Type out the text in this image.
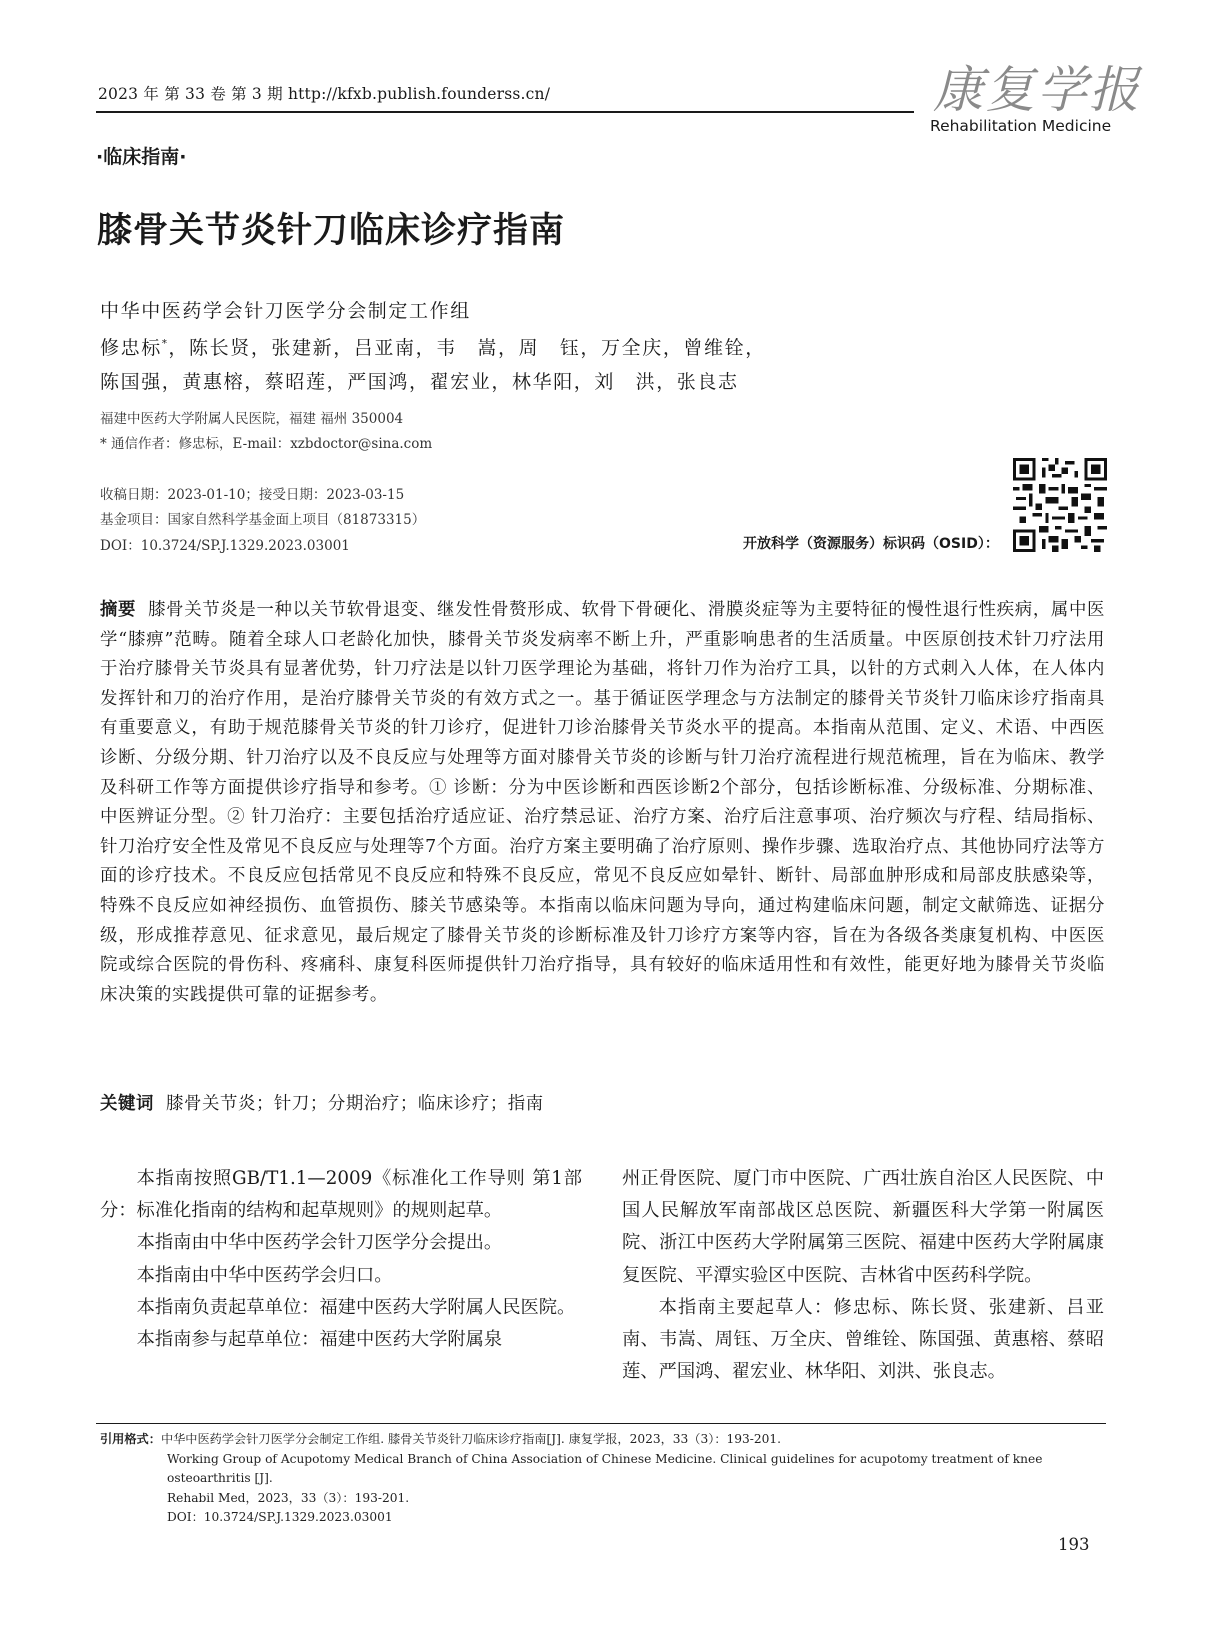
2023 年 第 33 卷 第 3 期 http://kfxb.publish.founderss.cn/	康复学报
Rehabilitation Medicine
·临床指南·
膝骨关节炎针刀临床诊疗指南
中华中医药学会针刀医学分会制定工作组
修忠标*，陈长贤，张建新，吕亚南，韦　嵩，周　钰，万全庆，曾维铨，
陈国强，黄惠榕，蔡昭莲，严国鸿，翟宏业，林华阳，刘　洪，张良志
福建中医药大学附属人民医院，福建 福州 350004
* 通信作者：修忠标，E-mail：xzbdoctor@sina.com
收稿日期：2023-01-10；接受日期：2023-03-15
基金项目：国家自然科学基金面上项目（81873315）
DOI：10.3724/SP.J.1329.2023.03001	开放科学（资源服务）标识码（OSID）：
摘要 膝骨关节炎是一种以关节软骨退变、继发性骨赘形成、软骨下骨硬化、滑膜炎症等为主要特征的慢性退行性疾病，属中医学“膝痹”范畴。随着全球人口老龄化加快，膝骨关节炎发病率不断上升，严重影响患者的生活质量。中医原创技术针刀疗法用于治疗膝骨关节炎具有显著优势，针刀疗法是以针刀医学理论为基础，将针刀作为治疗工具，以针的方式刺入人体，在人体内发挥针和刀的治疗作用，是治疗膝骨关节炎的有效方式之一。基于循证医学理念与方法制定的膝骨关节炎针刀临床诊疗指南具有重要意义，有助于规范膝骨关节炎的针刀诊疗，促进针刀诊治膝骨关节炎水平的提高。本指南从范围、定义、术语、中西医诊断、分级分期、针刀治疗以及不良反应与处理等方面对膝骨关节炎的诊断与针刀治疗流程进行规范梳理，旨在为临床、教学及科研工作等方面提供诊疗指导和参考。① 诊断：分为中医诊断和西医诊断2个部分，包括诊断标准、分级标准、分期标准、中医辨证分型。② 针刀治疗：主要包括治疗适应证、治疗禁忌证、治疗方案、治疗后注意事项、治疗频次与疗程、结局指标、针刀治疗安全性及常见不良反应与处理等7个方面。治疗方案主要明确了治疗原则、操作步骤、选取治疗点、其他协同疗法等方面的诊疗技术。不良反应包括常见不良反应和特殊不良反应，常见不良反应如晕针、断针、局部血肿形成和局部皮肤感染等，特殊不良反应如神经损伤、血管损伤、膝关节感染等。本指南以临床问题为导向，通过构建临床问题，制定文献筛选、证据分级，形成推荐意见、征求意见，最后规定了膝骨关节炎的诊断标准及针刀诊疗方案等内容，旨在为各级各类康复机构、中医医院或综合医院的骨伤科、疼痛科、康复科医师提供针刀治疗指导，具有较好的临床适用性和有效性，能更好地为膝骨关节炎临床决策的实践提供可靠的证据参考。
关键词 膝骨关节炎；针刀；分期治疗；临床诊疗；指南

本指南按照GB/T1.1—2009《标准化工作导则 第1部分：标准化指南的结构和起草规则》的规则起草。

本指南由中华中医药学会针刀医学分会提出。

本指南由中华中医药学会归口。

本指南负责起草单位：福建中医药大学附属人民医院。

本指南参与起草单位：福建中医药大学附属泉

州正骨医院、厦门市中医院、广西壮族自治区人民医院、中国人民解放军南部战区总医院、新疆医科大学第一附属医院、浙江中医药大学附属第三医院、福建中医药大学附属康复医院、平潭实验区中医院、吉林省中医药科学院。

本指南主要起草人：修忠标、陈长贤、张建新、吕亚南、韦嵩、周钰、万全庆、曾维铨、陈国强、黄惠榕、蔡昭莲、严国鸿、翟宏业、林华阳、刘洪、张良志。

引用格式：中华中医药学会针刀医学分会制定工作组. 膝骨关节炎针刀临床诊疗指南[J]. 康复学报，2023，33（3）：193-201.
Working Group of Acupotomy Medical Branch of China Association of Chinese Medicine. Clinical guidelines for acupotomy treatment of knee osteoarthritis [J].
Rehabil Med，2023，33（3）：193-201.
DOI：10.3724/SP.J.1329.2023.03001
193
